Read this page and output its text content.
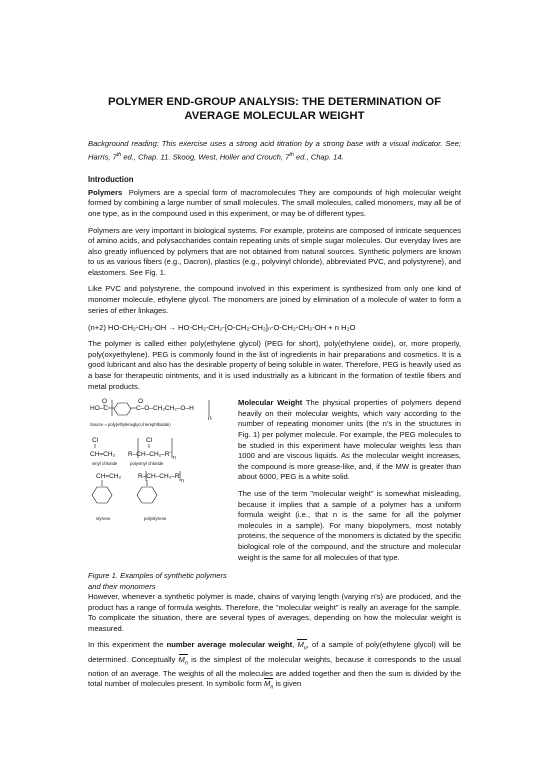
POLYMER END-GROUP ANALYSIS: THE DETERMINATION OF AVERAGE MOLECULAR WEIGHT

Background reading: This exercise uses a strong acid titration by a strong base with a visual indicator. See; Harris, 7th ed., Chap. 11. Skoog, West, Holler and Crouch, 7th ed., Chap. 14.

Introduction

Polymers Polymers are a special form of macromolecules They are compounds of high molecular weight formed by combining a large number of small molecules. The small molecules, called monomers, may all be of one type, as in the compound used in this experiment, or may be of different types.

Polymers are very important in biological systems. For example, proteins are composed of intricate sequences of amino acids, and polysaccharides contain repeating units of simple sugar molecules. Our everyday lives are also greatly influenced by polymers that are not obtained from natural sources. Synthetic polymers are known to us as various fibers (e.g., Dacron), plastics (e.g., polyvinyl chloride), abbreviated PVC, and polystyrene), and elastomers. See Fig. 1.

Like PVC and polystyrene, the compound involved in this experiment is synthesized from only one kind of monomer molecule, ethylene glycol. The monomers are joined by elimination of a molecule of water to form a series of ether linkages.

(n+2) HO-CH₂-CH₂-OH → HO-CH₂-CH₂-[O-CH₂-CH₂]ₙ-O-CH₂-CH₂-OH + n H₂O

The polymer is called either poly(ethylene glycol) (PEG for short), poly(ethylene oxide), or, more properly, poly(oxyethylene). PEG is commonly found in the list of ingredients in hair preparations and cosmetics. It is a good lubricant and also has the desirable property of being soluble in water. Therefore, PEG is heavily used as a base for therapeutic ointments, and it is used industrially as a lubricant in the formation of textile fibers and metal products.

HO–C
O
C–O–CH₂CH₂–O–H
O
n
Source = poly(ethyleneglycol terephthalate)
Cl
CH=CH₂
vinyl chloride
Cl
R–CH–CH₂–R' n
polyvinyl chloride
CH=CH₂
styrene
R–CH–CH₂–R'
n
polystyrene
Figure 1. Examples of synthetic polymers and their monomers

Molecular Weight The physical properties of polymers depend heavily on their molecular weights, which vary according to the number of repeating monomer units (the n's in the structures in Fig. 1) per polymer molecule. For example, the PEG molecules to be studied in this experiment have molecular weights less than 1000 and are viscous liquids. As the molecular weight increases, the compound is more grease-like, and, if the MW is greater than about 6000, PEG is a white solid.

The use of the term "molecular weight" is somewhat misleading, because it implies that a sample of a polymer has a uniform formula weight (i.e., that n is the same for all the polymer molecules in a sample). For many biopolymers, most notably proteins, the sequence of the monomers is dictated by the specific biological role of the compound, and the structure and molecular weight is the same for all molecules of that type.

However, whenever a synthetic polymer is made, chains of varying length (varying n's) are produced, and the product has a range of formula weights. Therefore, the "molecular weight" is really an average for the sample. To complicate the situation, there are several types of averages, depending on how the molecular weight is measured.

In this experiment the number average molecular weight,
$M_n$, of a sample of poly(ethylene glycol) will be determined. Conceptually
$M_n$ is the simplest of the molecular weights, because it corresponds to the usual notion of an average. The weights of all the molecules are added together and then the sum is divided by the total number of molecules present. In symbolic form
$M_n$ is given
